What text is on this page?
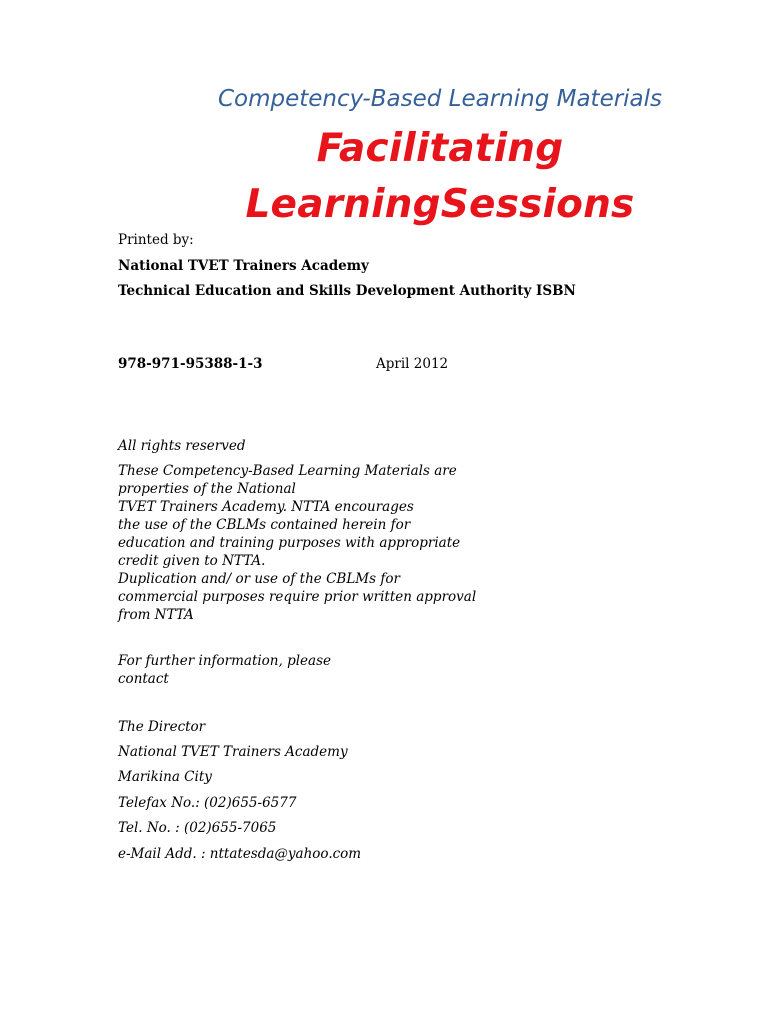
Competency-Based Learning Materials
Facilitating
LearningSessions
Printed by:
National TVET Trainers Academy
Technical Education and Skills Development Authority ISBN
978-971-95388-1-3	April 2012
All rights reserved
These Competency-Based Learning Materials are
properties of the National
TVET Trainers Academy. NTTA encourages
the use of the CBLMs contained herein for
education and training purposes with appropriate
credit given to NTTA.
Duplication and/ or use of the CBLMs for
commercial purposes require prior written approval
from NTTA
For further information, please
contact
The Director
National TVET Trainers Academy
Marikina City
Telefax No.: (02)655-6577
Tel. No. : (02)655-7065
e-Mail Add. : nttatesda@yahoo.com
